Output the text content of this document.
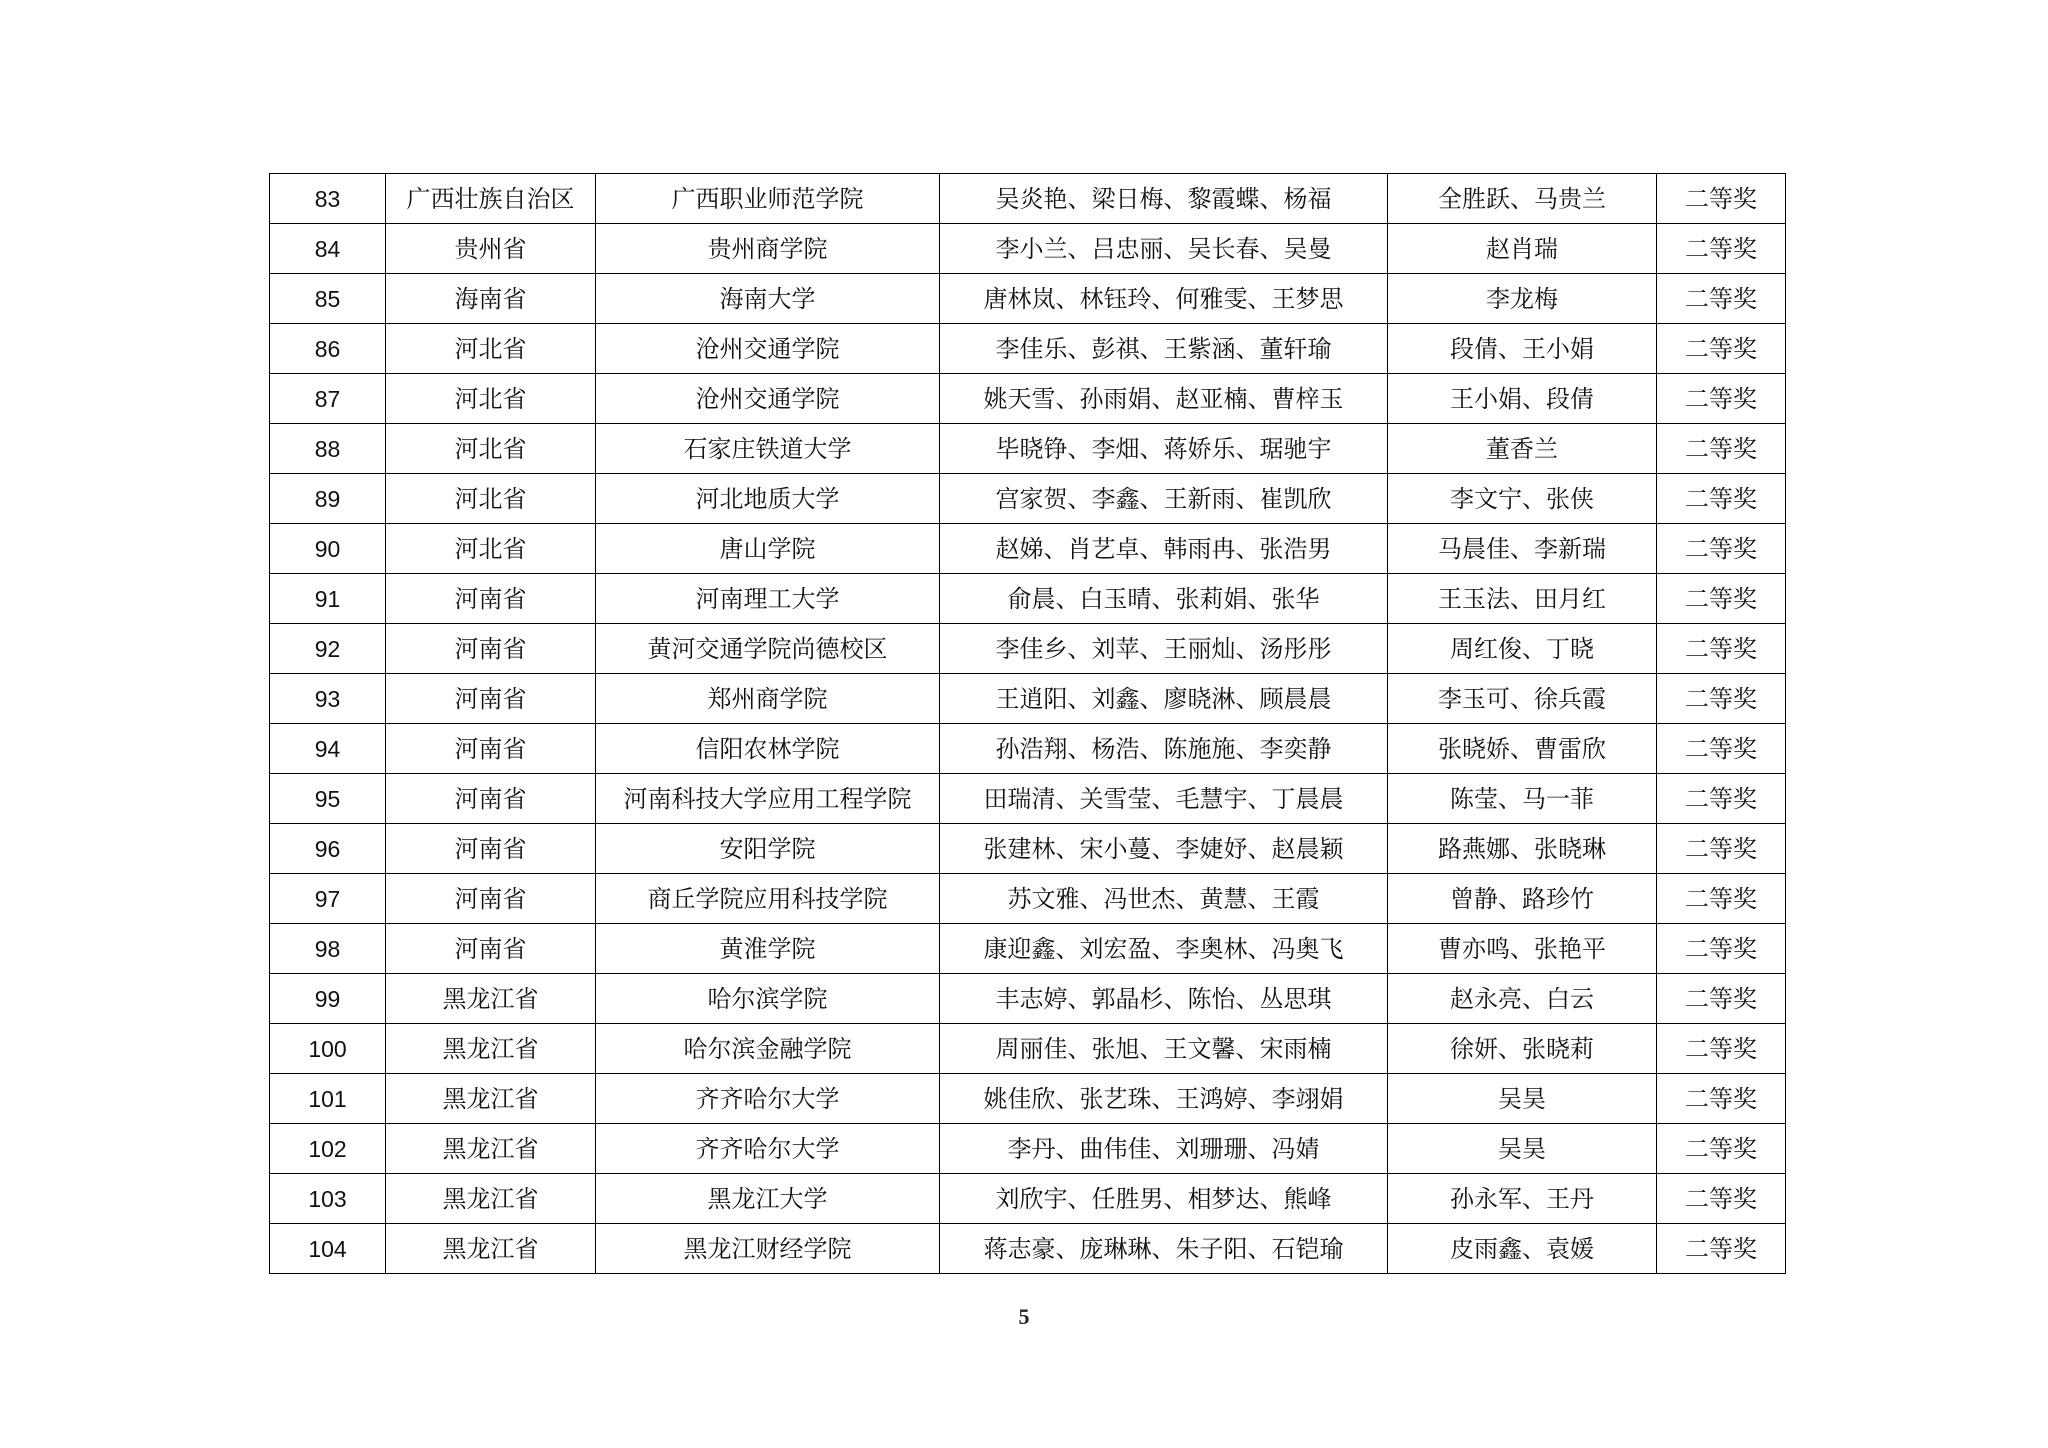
83	广西壮族自治区	广西职业师范学院	吴炎艳、梁日梅、黎霞蝶、杨福	全胜跃、马贵兰	二等奖
84	贵州省	贵州商学院	李小兰、吕忠丽、吴长春、吴曼	赵肖瑞	二等奖
85	海南省	海南大学	唐林岚、林钰玲、何雅雯、王梦思	李龙梅	二等奖
86	河北省	沧州交通学院	李佳乐、彭祺、王紫涵、董轩瑜	段倩、王小娟	二等奖
87	河北省	沧州交通学院	姚天雪、孙雨娟、赵亚楠、曹梓玉	王小娟、段倩	二等奖
88	河北省	石家庄铁道大学	毕晓铮、李畑、蒋娇乐、琚驰宇	董香兰	二等奖
89	河北省	河北地质大学	宫家贺、李鑫、王新雨、崔凯欣	李文宁、张侠	二等奖
90	河北省	唐山学院	赵娣、肖艺卓、韩雨冉、张浩男	马晨佳、李新瑞	二等奖
91	河南省	河南理工大学	俞晨、白玉晴、张莉娟、张华	王玉法、田月红	二等奖
92	河南省	黄河交通学院尚德校区	李佳乡、刘苹、王丽灿、汤彤彤	周红俊、丁晓	二等奖
93	河南省	郑州商学院	王逍阳、刘鑫、廖晓淋、顾晨晨	李玉可、徐兵霞	二等奖
94	河南省	信阳农林学院	孙浩翔、杨浩、陈施施、李奕静	张晓娇、曹雷欣	二等奖
95	河南省	河南科技大学应用工程学院	田瑞清、关雪莹、毛慧宇、丁晨晨	陈莹、马一菲	二等奖
96	河南省	安阳学院	张建林、宋小蔓、李婕妤、赵晨颖	路燕娜、张晓琳	二等奖
97	河南省	商丘学院应用科技学院	苏文雅、冯世杰、黄慧、王霞	曾静、路珍竹	二等奖
98	河南省	黄淮学院	康迎鑫、刘宏盈、李奥林、冯奥飞	曹亦鸣、张艳平	二等奖
99	黑龙江省	哈尔滨学院	丰志婷、郭晶杉、陈怡、丛思琪	赵永亮、白云	二等奖
100	黑龙江省	哈尔滨金融学院	周丽佳、张旭、王文馨、宋雨楠	徐妍、张晓莉	二等奖
101	黑龙江省	齐齐哈尔大学	姚佳欣、张艺珠、王鸿婷、李翊娟	吴昊	二等奖
102	黑龙江省	齐齐哈尔大学	李丹、曲伟佳、刘珊珊、冯婧	吴昊	二等奖
103	黑龙江省	黑龙江大学	刘欣宇、任胜男、相梦达、熊峰	孙永军、王丹	二等奖
104	黑龙江省	黑龙江财经学院	蒋志豪、庞琳琳、朱子阳、石铠瑜	皮雨鑫、袁媛	二等奖
5
